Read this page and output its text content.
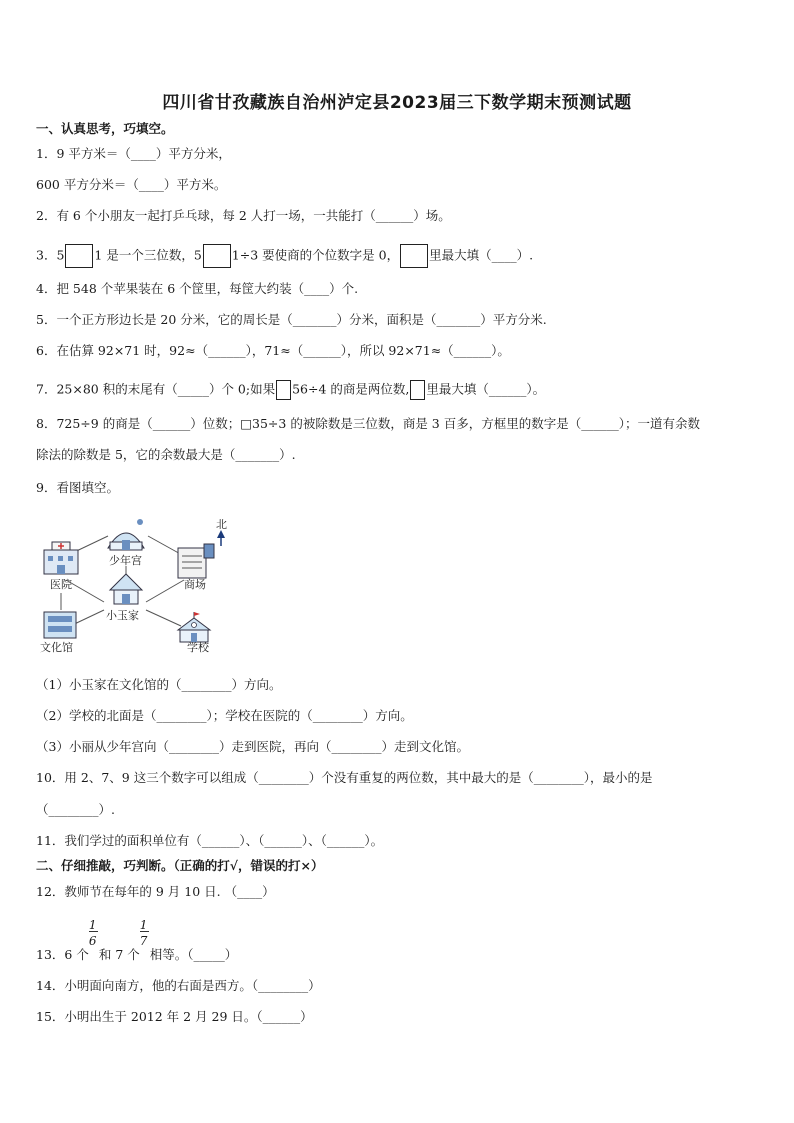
四川省甘孜藏族自治州泸定县2023届三下数学期末预测试题
一、认真思考，巧填空。
1．9 平方米＝（____）平方分米，
600 平方分米＝（____）平方米。
2．有 6 个小朋友一起打乒乓球，每 2 人打一场，一共能打（______）场。
3．5 1 是一个三位数，5 1÷3 要使商的个位数字是 0， 里最大填（____）.
4．把 548 个苹果装在 6 个筐里，每筐大约装（____）个.
5．一个正方形边长是 20 分米，它的周长是（_______）分米，面积是（_______）平方分米.
6．在估算 92×71 时，92≈（______），71≈（______），所以 92×71≈（______）。
7．25×80 积的末尾有（_____）个 0;如果 56÷4 的商是两位数, 里最大填（______）。
8．725÷9 的商是（______）位数；□35÷3 的被除数是三位数，商是 3 百多，方框里的数字是（______）；一道有余数
除法的除数是 5，它的余数最大是（_______）.
9．看图填空。
北
医院
少年宫
商场
小玉家
文化馆	学校
（1）小玉家在文化馆的（________）方向。
（2）学校的北面是（________）；学校在医院的（________）方向。
（3）小丽从少年宫向（________）走到医院，再向（________）走到文化馆。
10．用 2、7、9 这三个数字可以组成（________）个没有重复的两位数，其中最大的是（________），最小的是
（________）.
11．我们学过的面积单位有（______）、（______）、（______）。
二、仔细推敲，巧判断。（正确的打√，错误的打×）
12．教师节在每年的 9 月 10 日. （____）
13．6 个 $\frac{1}{6}$ 和 7 个 $\frac{1}{7}$ 相等。（_____）
14．小明面向南方，他的右面是西方。（________）
15．小明出生于 2012 年 2 月 29 日。（______）
